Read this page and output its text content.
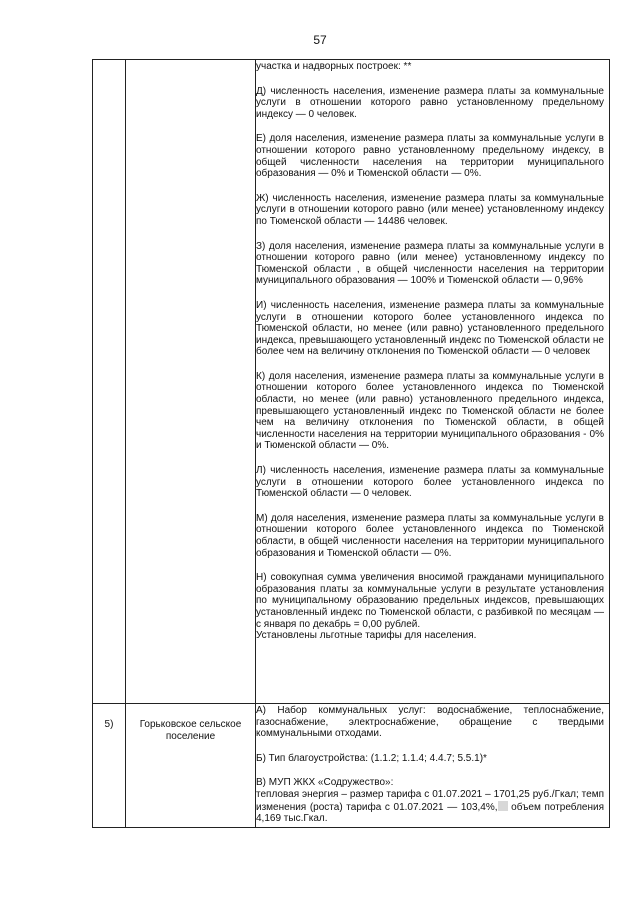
57

участка и надворных построек: **

Д) численность населения, изменение размера платы за коммунальные услуги в отношении которого равно установленному предельному индексу — 0 человек.

Е) доля населения, изменение размера платы за коммунальные услуги в отношении которого равно установленному предельному индексу, в общей численности населения на территории муниципального образования — 0% и Тюменской области — 0%.

Ж) численность населения, изменение размера платы за коммунальные услуги в отношении которого равно (или менее) установленному индексу по Тюменской области — 14486 человек.

З) доля населения, изменение размера платы за коммунальные услуги в отношении которого равно (или менее) установленному индексу по Тюменской области , в общей численности населения на территории муниципального образования — 100% и Тюменской области — 0,96%

И) численность населения, изменение размера платы за коммунальные услуги в отношении которого более установленного индекса по Тюменской области, но менее (или равно) установленного предельного индекса, превышающего установленный индекс по Тюменской области не более чем на величину отклонения по Тюменской области — 0 человек

К) доля населения, изменение размера платы за коммунальные услуги в отношении которого более установленного индекса по Тюменской области, но менее (или равно) установленного предельного индекса, превышающего установленный индекс по Тюменской области не более чем на величину отклонения по Тюменской области, в общей численности населения на территории муниципального образования - 0% и Тюменской области — 0%.

Л) численность населения, изменение размера платы за коммунальные услуги в отношении которого более установленного индекса по Тюменской области — 0 человек.

М) доля населения, изменение размера платы за коммунальные услуги в отношении которого более установленного индекса по Тюменской области, в общей численности населения на территории муниципального образования и Тюменской области — 0%.

Н) совокупная сумма увеличения вносимой гражданами муниципального образования платы за коммунальные услуги в результате установления по муниципальному образованию предельных индексов, превышающих установленный индекс по Тюменской области, с разбивкой по месяцам — с января по декабрь = 0,00 рублей.

Установлены льготные тарифы для населения.

5)	Горьковское сельское поселение

А) Набор коммунальных услуг: водоснабжение, теплоснабжение, газоснабжение, электроснабжение, обращение с твердыми коммунальными отходами.

Б) Тип благоустройства: (1.1.2; 1.1.4; 4.4.7; 5.5.1)*

В) МУП ЖКХ «Содружество»:

тепловая энергия – размер тарифа с 01.07.2021 – 1701,25 руб./Гкал; темп изменения (роста) тарифа с 01.07.2021 — 103,4%, объем потребления 4,169 тыс.Гкал.
